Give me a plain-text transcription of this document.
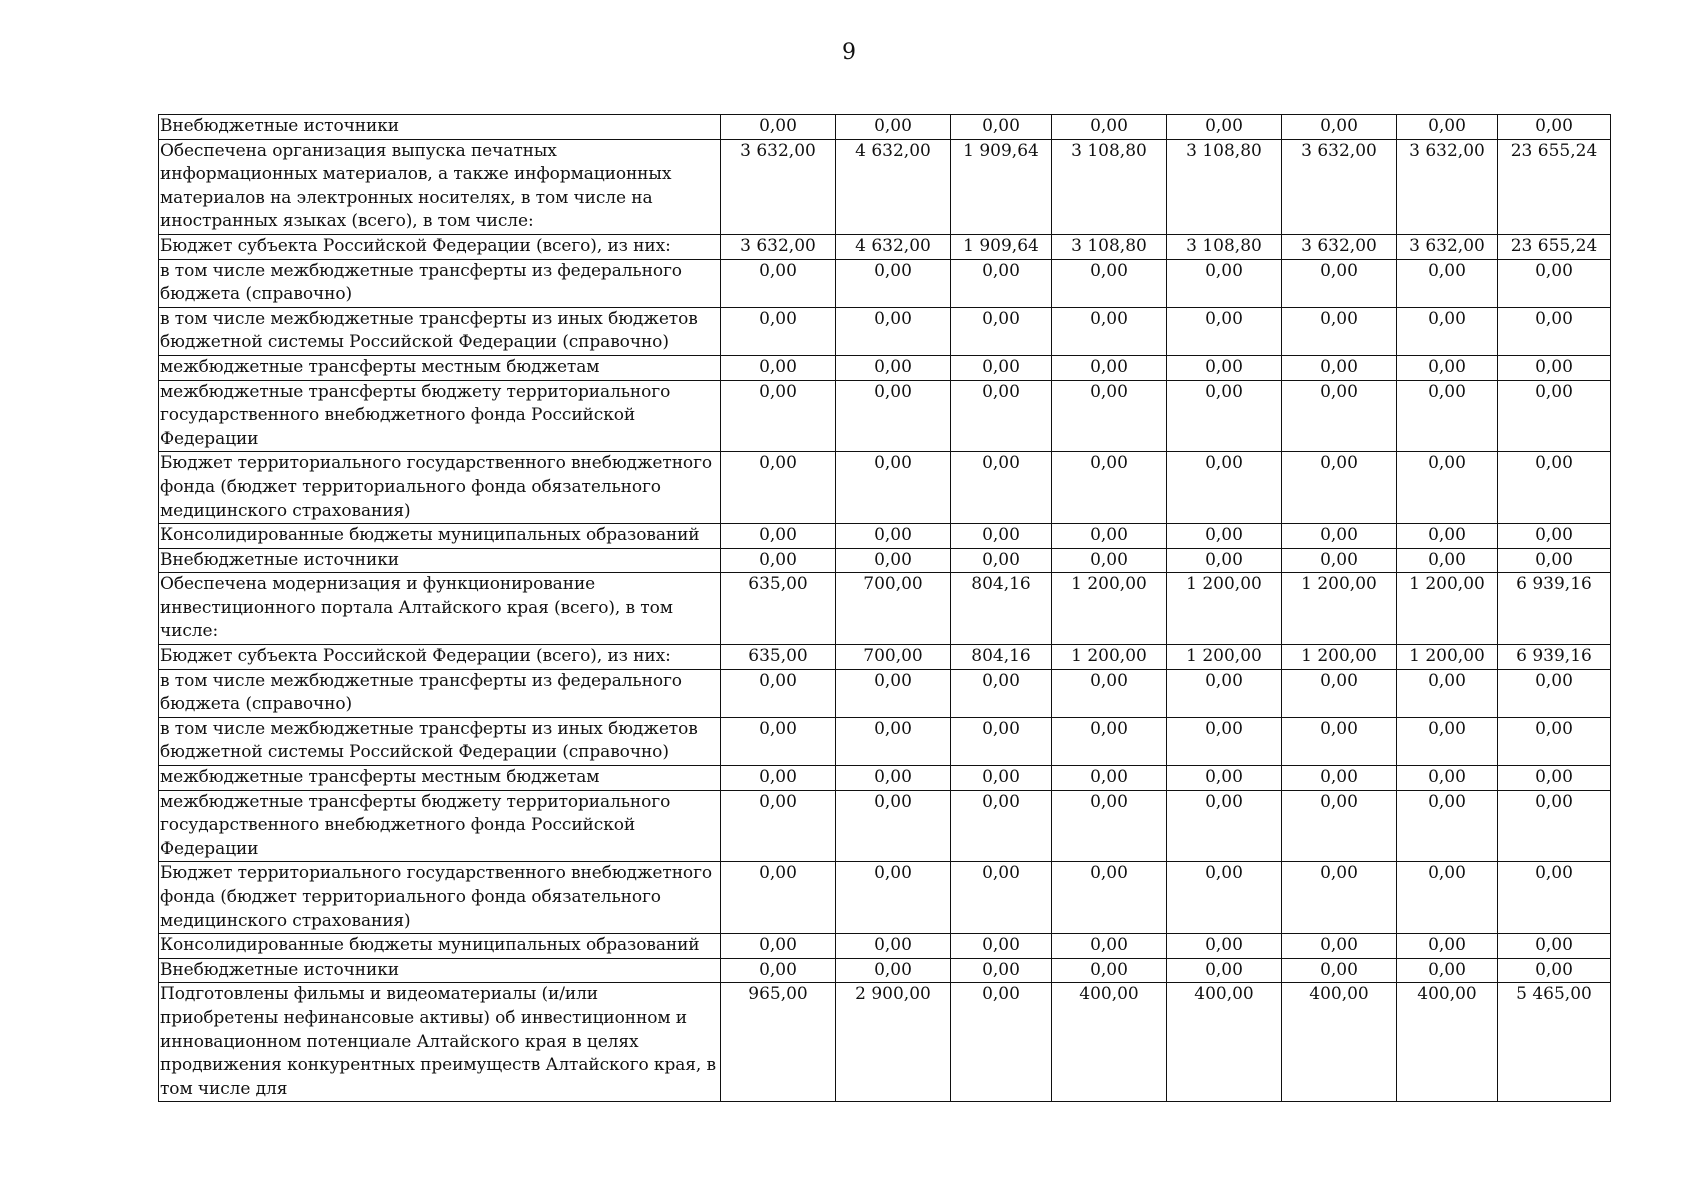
9
Внебюджетные источники	0,00	0,00	0,00	0,00	0,00	0,00	0,00	0,00
Обеспечена организация выпуска печатных информационных материалов, а также информационных материалов на электронных носителях, в том числе на иностранных языках (всего), в том числе:	3 632,00	4 632,00	1 909,64	3 108,80	3 108,80	3 632,00	3 632,00	23 655,24
Бюджет субъекта Российской Федерации (всего), из них:	3 632,00	4 632,00	1 909,64	3 108,80	3 108,80	3 632,00	3 632,00	23 655,24
в том числе межбюджетные трансферты из федерального бюджета (справочно)	0,00	0,00	0,00	0,00	0,00	0,00	0,00	0,00
в том числе межбюджетные трансферты из иных бюджетов бюджетной системы Российской Федерации (справочно)	0,00	0,00	0,00	0,00	0,00	0,00	0,00	0,00
межбюджетные трансферты местным бюджетам	0,00	0,00	0,00	0,00	0,00	0,00	0,00	0,00
межбюджетные трансферты бюджету территориального государственного внебюджетного фонда Российской Федерации	0,00	0,00	0,00	0,00	0,00	0,00	0,00	0,00
Бюджет территориального государственного внебюджетного фонда (бюджет территориального фонда обязательного медицинского страхования)	0,00	0,00	0,00	0,00	0,00	0,00	0,00	0,00
Консолидированные бюджеты муниципальных образований	0,00	0,00	0,00	0,00	0,00	0,00	0,00	0,00
Внебюджетные источники	0,00	0,00	0,00	0,00	0,00	0,00	0,00	0,00
Обеспечена модернизация и функционирование инвестиционного портала Алтайского края (всего), в том числе:	635,00	700,00	804,16	1 200,00	1 200,00	1 200,00	1 200,00	6 939,16
Бюджет субъекта Российской Федерации (всего), из них:	635,00	700,00	804,16	1 200,00	1 200,00	1 200,00	1 200,00	6 939,16
в том числе межбюджетные трансферты из федерального бюджета (справочно)	0,00	0,00	0,00	0,00	0,00	0,00	0,00	0,00
в том числе межбюджетные трансферты из иных бюджетов бюджетной системы Российской Федерации (справочно)	0,00	0,00	0,00	0,00	0,00	0,00	0,00	0,00
межбюджетные трансферты местным бюджетам	0,00	0,00	0,00	0,00	0,00	0,00	0,00	0,00
межбюджетные трансферты бюджету территориального государственного внебюджетного фонда Российской Федерации	0,00	0,00	0,00	0,00	0,00	0,00	0,00	0,00
Бюджет территориального государственного внебюджетного фонда (бюджет территориального фонда обязательного медицинского страхования)	0,00	0,00	0,00	0,00	0,00	0,00	0,00	0,00
Консолидированные бюджеты муниципальных образований	0,00	0,00	0,00	0,00	0,00	0,00	0,00	0,00
Внебюджетные источники	0,00	0,00	0,00	0,00	0,00	0,00	0,00	0,00
Подготовлены фильмы и видеоматериалы (и/или приобретены нефинансовые активы) об инвестиционном и инновационном потенциале Алтайского края в целях продвижения конкурентных преимуществ Алтайского края, в том числе для	965,00	2 900,00	0,00	400,00	400,00	400,00	400,00	5 465,00
